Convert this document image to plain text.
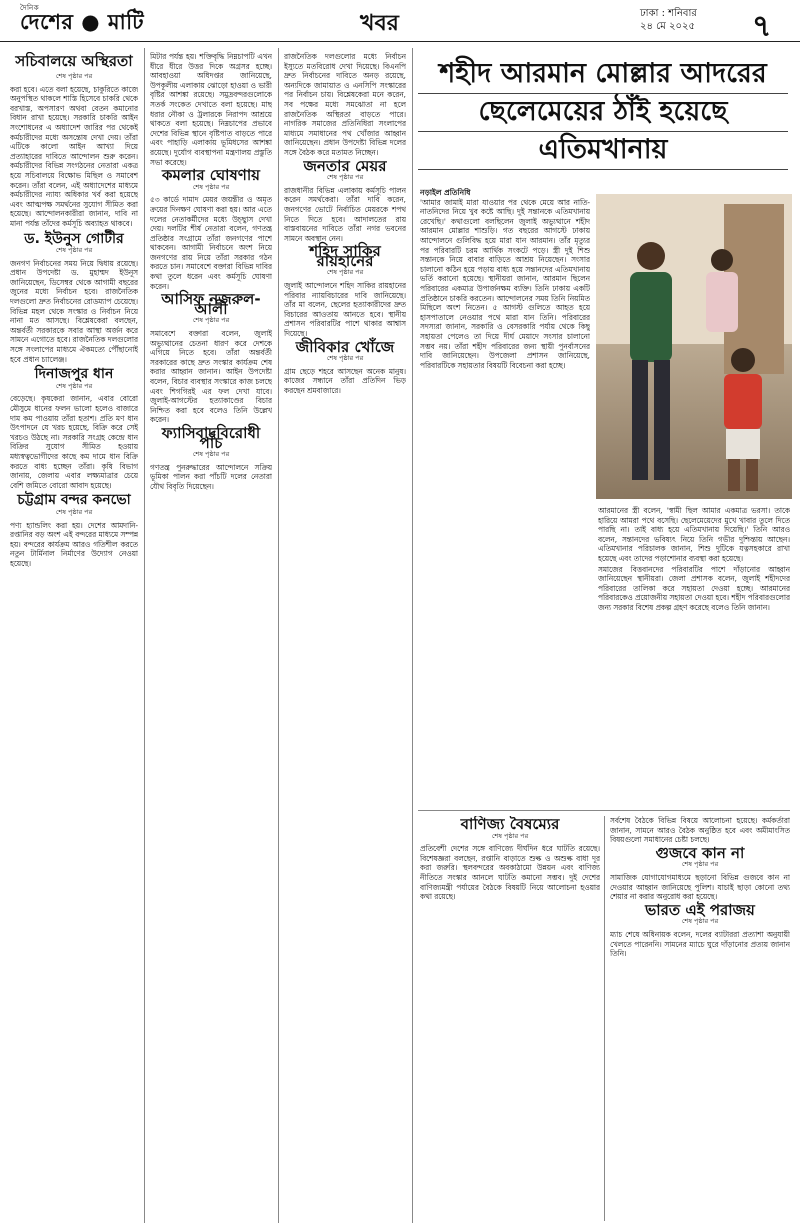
দৈনিক
দেশের ● মাটি	খবর	ঢাকা : শনিবার
২৪ মে ২০২৫ ৭
সচিবালয়ে অস্থিরতা
শেষ পৃষ্ঠার পর

করা হবে। এতে বলা হয়েছে, চাকুরিতে কাজে অনুপস্থিত থাকলে শাস্তি হিসেবে চাকরি থেকে বরখাস্ত, অপসারণ অথবা বেতন কমানোর বিধান রাখা হয়েছে। সরকারি চাকরি আইন সংশোধনের এ অধ্যাদেশ জারির পর থেকেই কর্মচারীদের মধ্যে অসন্তোষ দেখা দেয়। তাঁরা এটিকে কালো আইন আখ্যা দিয়ে প্রত্যাহারের দাবিতে আন্দোলন শুরু করেন। কর্মচারীদের বিভিন্ন সংগঠনের নেতারা একত্র হয়ে সচিবালয়ে বিক্ষোভ মিছিল ও সমাবেশ করেন। তাঁরা বলেন, এই অধ্যাদেশের মাধ্যমে কর্মচারীদের ন্যায্য অধিকার খর্ব করা হয়েছে এবং আত্মপক্ষ সমর্থনের সুযোগ সীমিত করা হয়েছে। আন্দোলনকারীরা জানান, দাবি না মানা পর্যন্ত তাঁদের কর্মসূচি অব্যাহত থাকবে।

ড. ইউনুস গোটীর
শেষ পৃষ্ঠার পর

জনগণ নির্বাচনের সময় নিয়ে দ্বিধায় রয়েছে। প্রধান উপদেষ্টা ড. মুহাম্মদ ইউনূস জানিয়েছেন, ডিসেম্বর থেকে আগামী বছরের জুনের মধ্যে নির্বাচন হবে। রাজনৈতিক দলগুলো দ্রুত নির্বাচনের রোডম্যাপ চেয়েছে। বিভিন্ন মহল থেকে সংস্কার ও নির্বাচন নিয়ে নানা মত আসছে। বিশ্লেষকেরা বলছেন, অন্তর্বর্তী সরকারকে সবার আস্থা অর্জন করে সামনে এগোতে হবে। রাজনৈতিক দলগুলোর সঙ্গে সংলাপের মাধ্যমে ঐকমত্যে পৌঁছানোই হবে প্রধান চ্যালেঞ্জ।

দিনাজপুর ধান
শেষ পৃষ্ঠার পর

বেড়েছে। কৃষকেরা জানান, এবার বোরো মৌসুমে ধানের ফলন ভালো হলেও বাজারে দাম কম পাওয়ায় তাঁরা হতাশ। প্রতি মণ ধান উৎপাদনে যে খরচ হয়েছে, বিক্রি করে সেই খরচও উঠছে না। সরকারি সংগ্রহ কেন্দ্রে ধান বিক্রির সুযোগ সীমিত হওয়ায় মধ্যস্বত্বভোগীদের কাছে কম দামে ধান বিক্রি করতে বাধ্য হচ্ছেন তাঁরা। কৃষি বিভাগ জানায়, জেলায় এবার লক্ষ্যমাত্রার চেয়ে বেশি জমিতে বোরো আবাদ হয়েছে।

চট্টগ্রাম বন্দর কনভো
শেষ পৃষ্ঠার পর

পণ্য হ্যান্ডলিং করা হয়। দেশের আমদানি-রপ্তানির বড় অংশ এই বন্দরের মাধ্যমে সম্পন্ন হয়। বন্দরের কার্যক্রম আরও গতিশীল করতে নতুন টার্মিনাল নির্মাণের উদ্যোগ নেওয়া হয়েছে।

মিটার পর্যন্ত হয়। শক্তিবৃদ্ধি নিম্নচাপটি এখন ধীরে ধীরে উত্তর দিকে অগ্রসর হচ্ছে। আবহাওয়া অধিদপ্তর জানিয়েছে, উপকূলীয় এলাকায় ঝোড়ো হাওয়া ও ভারী বৃষ্টির আশঙ্কা রয়েছে। সমুদ্রবন্দরগুলোকে সতর্ক সংকেত দেখাতে বলা হয়েছে। মাছ ধরার নৌকা ও ট্রলারকে নিরাপদ আশ্রয়ে থাকতে বলা হয়েছে। নিম্নচাপের প্রভাবে দেশের বিভিন্ন স্থানে বৃষ্টিপাত বাড়তে পারে এবং পাহাড়ি এলাকায় ভূমিধসের আশঙ্কা রয়েছে। দুর্যোগ ব্যবস্থাপনা মন্ত্রণালয় প্রস্তুতি সভা করেছে।

কমলার ঘোষণায়
শেষ পৃষ্ঠার পর

৫৩ কার্ডে দামাদ মেয়র জয়ন্তীর ও অমৃত ক্রয়ের দিনক্ষণ ঘোষণা করা হয়। আর এতে দলের নেতাকর্মীদের মধ্যে উচ্ছ্বাস দেখা দেয়। দলটির শীর্ষ নেতারা বলেন, গণতন্ত্র প্রতিষ্ঠার সংগ্রামে তাঁরা জনগণের পাশে থাকবেন। আগামী নির্বাচনে অংশ নিয়ে জনগণের রায় নিয়ে তাঁরা সরকার গঠন করতে চান। সমাবেশে বক্তারা বিভিন্ন দাবির কথা তুলে ধরেন এবং কর্মসূচি ঘোষণা করেন।

আসিফ নজরুল-আলী
শেষ পৃষ্ঠার পর

সমাবেশে বক্তারা বলেন, জুলাই অভ্যুত্থানের চেতনা ধারণ করে দেশকে এগিয়ে নিতে হবে। তাঁরা অন্তর্বর্তী সরকারের কাছে দ্রুত সংস্কার কার্যক্রম শেষ করার আহ্বান জানান। আইন উপদেষ্টা বলেন, বিচার ব্যবস্থার সংস্কারে কাজ চলছে এবং শিগগিরই এর ফল দেখা যাবে। জুলাই-আগস্টের হত্যাকাণ্ডের বিচার নিশ্চিত করা হবে বলেও তিনি উল্লেখ করেন।

ফ্যাসিবাদবিরোধী পাঁচ
শেষ পৃষ্ঠার পর

গণতন্ত্র পুনরুদ্ধারের আন্দোলনে সক্রিয় ভূমিকা পালন করা পাঁচটি দলের নেতারা যৌথ বিবৃতি দিয়েছেন।

রাজনৈতিক দলগুলোর মধ্যে নির্বাচন ইস্যুতে মতবিরোধ দেখা দিয়েছে। বিএনপি দ্রুত নির্বাচনের দাবিতে অনড় রয়েছে, অন্যদিকে জামায়াত ও এনসিপি সংস্কারের পর নির্বাচন চায়। বিশ্লেষকেরা মনে করেন, সব পক্ষের মধ্যে সমঝোতা না হলে রাজনৈতিক অস্থিরতা বাড়তে পারে। নাগরিক সমাজের প্রতিনিধিরা সংলাপের মাধ্যমে সমাধানের পথ খোঁজার আহ্বান জানিয়েছেন। প্রধান উপদেষ্টা বিভিন্ন দলের সঙ্গে বৈঠক করে মতামত নিচ্ছেন।

জনতার মেয়র
শেষ পৃষ্ঠার পর

রাজধানীর বিভিন্ন এলাকায় কর্মসূচি পালন করেন সমর্থকেরা। তাঁরা দাবি করেন, জনগণের ভোটে নির্বাচিত মেয়রকে শপথ নিতে দিতে হবে। আদালতের রায় বাস্তবায়নের দাবিতে তাঁরা নগর ভবনের সামনে অবস্থান নেন।

শহিদ সাকির রায়হানের
শেষ পৃষ্ঠার পর

জুলাই আন্দোলনে শহিদ সাকির রায়হানের পরিবার ন্যায়বিচারের দাবি জানিয়েছে। তাঁর মা বলেন, ছেলের হত্যাকারীদের দ্রুত বিচারের আওতায় আনতে হবে। স্থানীয় প্রশাসন পরিবারটির পাশে থাকার আশ্বাস দিয়েছে।

জীবিকার খোঁজে
শেষ পৃষ্ঠার পর

গ্রাম ছেড়ে শহরে আসছেন অনেক মানুষ। কাজের সন্ধানে তাঁরা প্রতিদিন ভিড় করছেন শ্রমবাজারে।

শহীদ আরমান মোল্লার আদরের
ছেলেমেয়ের ঠাঁই হয়েছে
এতিমখানায়
নড়াইল প্রতিনিধি

'আমার জামাই মারা যাওয়ার পর থেকে মেয়ে আর নাতি-নাতনিদের নিয়ে খুব কষ্টে আছি। দুই সন্তানকে এতিমখানায় রেখেছি।' কথাগুলো বলছিলেন জুলাই অভ্যুত্থানে শহীদ আরমান মোল্লার শাশুড়ি। গত বছরের আগস্টে ঢাকায় আন্দোলনে গুলিবিদ্ধ হয়ে মারা যান আরমান। তাঁর মৃত্যুর পর পরিবারটি চরম আর্থিক সংকটে পড়ে। স্ত্রী দুই শিশু সন্তানকে নিয়ে বাবার বাড়িতে আশ্রয় নিয়েছেন। সংসার চালানো কঠিন হয়ে পড়ায় বাধ্য হয়ে সন্তানদের এতিমখানায় ভর্তি করানো হয়েছে। স্থানীয়রা জানান, আরমান ছিলেন পরিবারের একমাত্র উপার্জনক্ষম ব্যক্তি। তিনি ঢাকায় একটি প্রতিষ্ঠানে চাকরি করতেন। আন্দোলনের সময় তিনি নিয়মিত মিছিলে অংশ নিতেন। ৫ আগস্ট গুলিতে আহত হয়ে হাসপাতালে নেওয়ার পথে মারা যান তিনি। পরিবারের সদস্যরা জানান, সরকারি ও বেসরকারি পর্যায় থেকে কিছু সহায়তা পেলেও তা দিয়ে দীর্ঘ মেয়াদে সংসার চালানো সম্ভব নয়। তাঁরা শহীদ পরিবারের জন্য স্থায়ী পুনর্বাসনের দাবি জানিয়েছেন। উপজেলা প্রশাসন জানিয়েছে, পরিবারটিকে সহায়তার বিষয়টি বিবেচনা করা হচ্ছে।

আরমানের স্ত্রী বলেন, 'স্বামী ছিল আমার একমাত্র ভরসা। তাকে হারিয়ে আমরা পথে বসেছি। ছেলেমেয়েদের মুখে খাবার তুলে দিতে পারছি না। তাই বাধ্য হয়ে এতিমখানায় দিয়েছি।' তিনি আরও বলেন, সন্তানদের ভবিষ্যৎ নিয়ে তিনি গভীর দুশ্চিন্তায় আছেন। এতিমখানার পরিচালক জানান, শিশু দুটিকে যত্নসহকারে রাখা হয়েছে এবং তাদের পড়াশোনার ব্যবস্থা করা হয়েছে।

সমাজের বিত্তবানদের পরিবারটির পাশে দাঁড়ানোর আহ্বান জানিয়েছেন স্থানীয়রা। জেলা প্রশাসক বলেন, জুলাই শহীদদের পরিবারের তালিকা করে সহায়তা দেওয়া হচ্ছে। আরমানের পরিবারকেও প্রয়োজনীয় সহায়তা দেওয়া হবে। শহীদ পরিবারগুলোর জন্য সরকার বিশেষ প্রকল্প গ্রহণ করেছে বলেও তিনি জানান।

বাণিজ্য বৈষম্যের
শেষ পৃষ্ঠার পর

প্রতিবেশী দেশের সঙ্গে বাণিজ্যে দীর্ঘদিন ধরে ঘাটতি রয়েছে। বিশেষজ্ঞরা বলছেন, রপ্তানি বাড়াতে শুল্ক ও অশুল্ক বাধা দূর করা জরুরি। স্থলবন্দরের অবকাঠামো উন্নয়ন এবং বাণিজ্য নীতিতে সংস্কার আনলে ঘাটতি কমানো সম্ভব। দুই দেশের বাণিজ্যমন্ত্রী পর্যায়ের বৈঠকে বিষয়টি নিয়ে আলোচনা হওয়ার কথা রয়েছে।

সর্বশেষ বৈঠকে বিভিন্ন বিষয়ে আলোচনা হয়েছে। কর্মকর্তারা জানান, সামনে আরও বৈঠক অনুষ্ঠিত হবে এবং অমীমাংসিত বিষয়গুলো সমাধানের চেষ্টা চলছে।

গুজবে কান না
শেষ পৃষ্ঠার পর

সামাজিক যোগাযোগমাধ্যমে ছড়ানো বিভিন্ন গুজবে কান না দেওয়ার আহ্বান জানিয়েছে পুলিশ। যাচাই ছাড়া কোনো তথ্য শেয়ার না করার অনুরোধ করা হয়েছে।

ভারত এই পরাজয়
শেষ পৃষ্ঠার পর

ম্যাচ শেষে অধিনায়ক বলেন, দলের ব্যাটাররা প্রত্যাশা অনুযায়ী খেলতে পারেননি। সামনের ম্যাচে ঘুরে দাঁড়ানোর প্রত্যয় জানান তিনি।
